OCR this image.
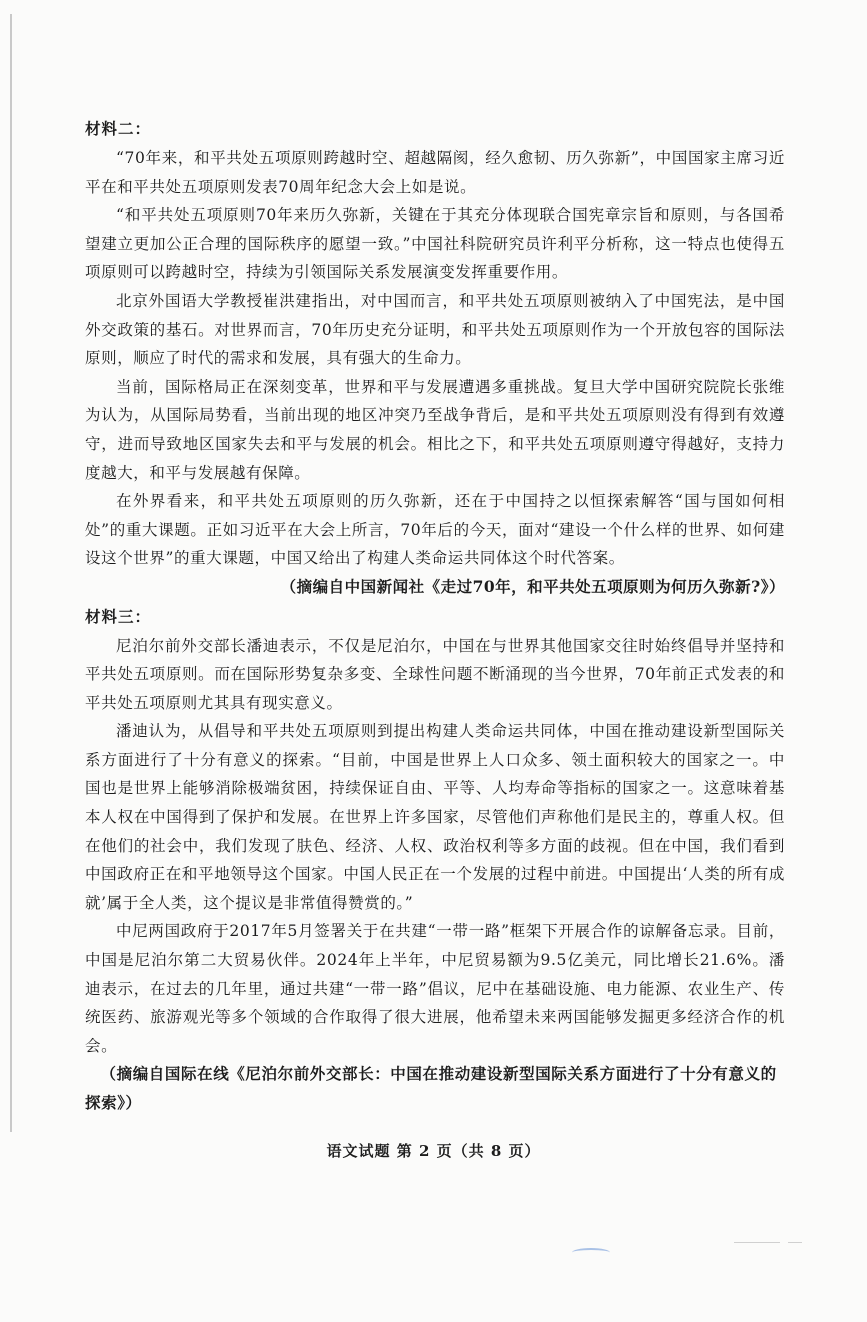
材料二：

“70年来，和平共处五项原则跨越时空、超越隔阂，经久愈韧、历久弥新”，中国国家主席习近平在和平共处五项原则发表70周年纪念大会上如是说。

“和平共处五项原则70年来历久弥新，关键在于其充分体现联合国宪章宗旨和原则，与各国希望建立更加公正合理的国际秩序的愿望一致。”中国社科院研究员许利平分析称，这一特点也使得五项原则可以跨越时空，持续为引领国际关系发展演变发挥重要作用。

北京外国语大学教授崔洪建指出，对中国而言，和平共处五项原则被纳入了中国宪法，是中国外交政策的基石。对世界而言，70年历史充分证明，和平共处五项原则作为一个开放包容的国际法原则，顺应了时代的需求和发展，具有强大的生命力。

当前，国际格局正在深刻变革，世界和平与发展遭遇多重挑战。复旦大学中国研究院院长张维为认为，从国际局势看，当前出现的地区冲突乃至战争背后，是和平共处五项原则没有得到有效遵守，进而导致地区国家失去和平与发展的机会。相比之下，和平共处五项原则遵守得越好，支持力度越大，和平与发展越有保障。

在外界看来，和平共处五项原则的历久弥新，还在于中国持之以恒探索解答“国与国如何相处”的重大课题。正如习近平在大会上所言，70年后的今天，面对“建设一个什么样的世界、如何建设这个世界”的重大课题，中国又给出了构建人类命运共同体这个时代答案。

（摘编自中国新闻社《走过70年，和平共处五项原则为何历久弥新?》）

材料三：

尼泊尔前外交部长潘迪表示，不仅是尼泊尔，中国在与世界其他国家交往时始终倡导并坚持和平共处五项原则。而在国际形势复杂多变、全球性问题不断涌现的当今世界，70年前正式发表的和平共处五项原则尤其具有现实意义。

潘迪认为，从倡导和平共处五项原则到提出构建人类命运共同体，中国在推动建设新型国际关系方面进行了十分有意义的探索。“目前，中国是世界上人口众多、领土面积较大的国家之一。中国也是世界上能够消除极端贫困，持续保证自由、平等、人均寿命等指标的国家之一。这意味着基本人权在中国得到了保护和发展。在世界上许多国家，尽管他们声称他们是民主的，尊重人权。但在他们的社会中，我们发现了肤色、经济、人权、政治权利等多方面的歧视。但在中国，我们看到中国政府正在和平地领导这个国家。中国人民正在一个发展的过程中前进。中国提出‘人类的所有成就’属于全人类，这个提议是非常值得赞赏的。”

中尼两国政府于2017年5月签署关于在共建“一带一路”框架下开展合作的谅解备忘录。目前，中国是尼泊尔第二大贸易伙伴。2024年上半年，中尼贸易额为9.5亿美元，同比增长21.6%。潘迪表示，在过去的几年里，通过共建“一带一路”倡议，尼中在基础设施、电力能源、农业生产、传统医药、旅游观光等多个领域的合作取得了很大进展，他希望未来两国能够发掘更多经济合作的机会。

（摘编自国际在线《尼泊尔前外交部长：中国在推动建设新型国际关系方面进行了十分有意义的探索》）

语文试题 第 2 页（共 8 页）
